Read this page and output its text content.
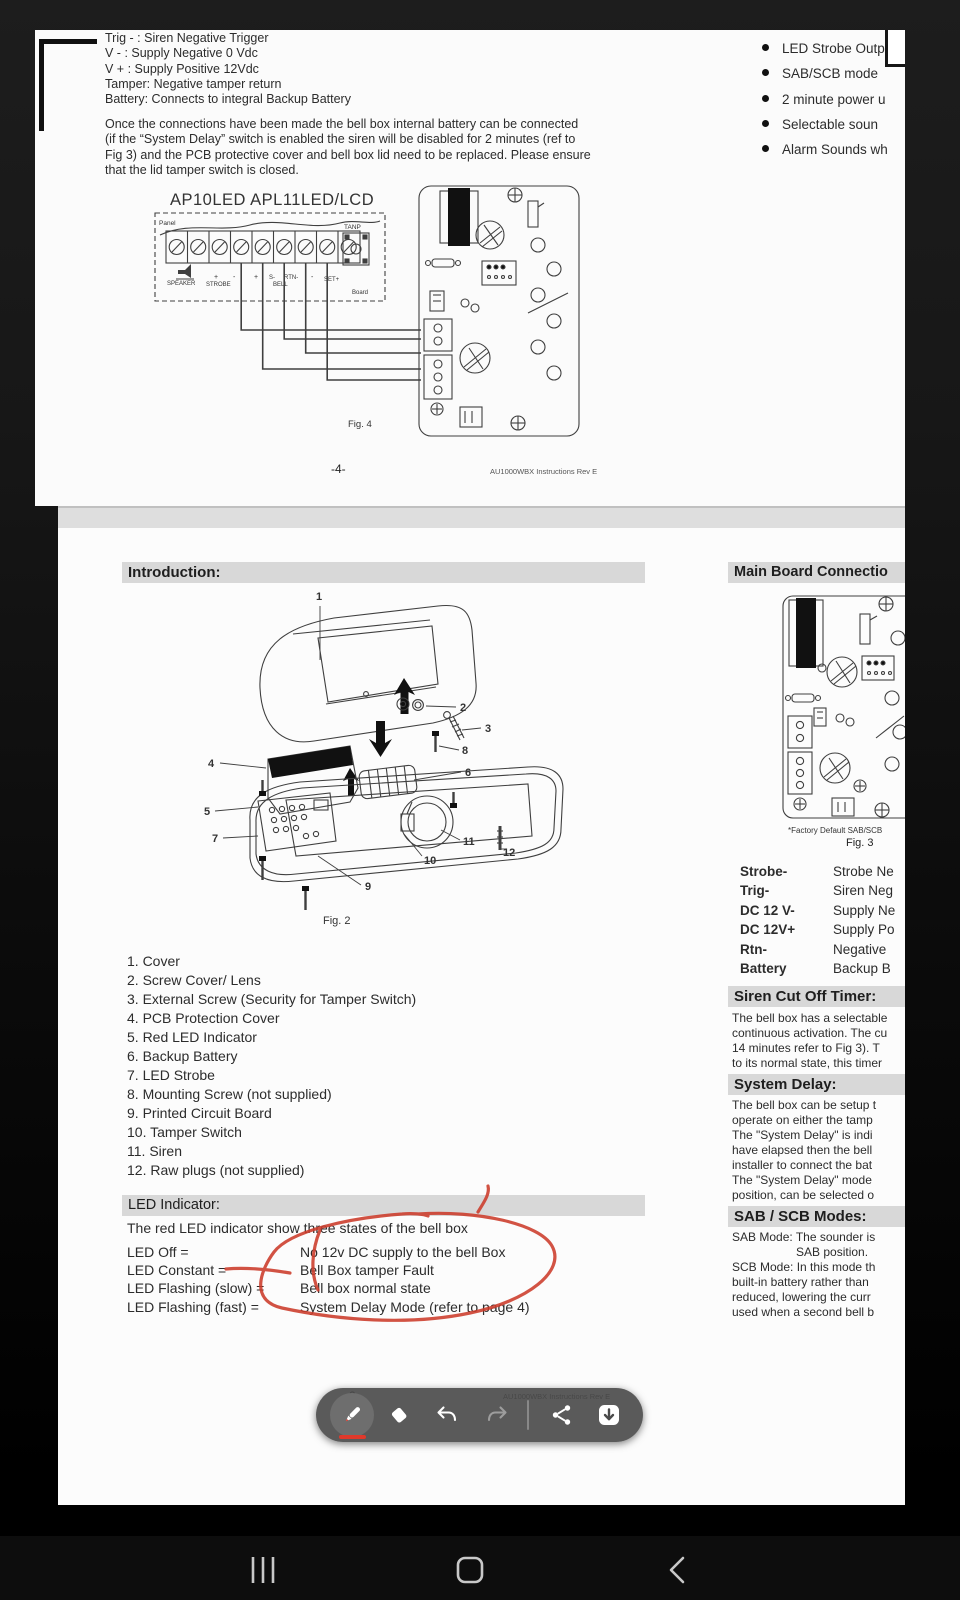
Trig - : Siren Negative Trigger
V - : Supply Negative 0 Vdc
V + : Supply Positive 12Vdc
Tamper: Negative tamper return
Battery: Connects to integral Backup Battery
Once the connections have been made the bell box internal battery can be connected
(if the “System Delay” switch is enabled the siren will be disabled for 2 minutes (ref to
Fig 3) and the PCB protective cover and bell box lid need to be replaced. Please ensure
that the lid tamper switch is closed.
LED Strobe Outp
SAB/SCB mode
2 minute power u
Selectable soun
Alarm Sounds wh
AP10LED APL11LED/LCD
Panel
TANP
SPEAKER
+ -
STROBE
+ S- RTN- -
BELL
SET+
Board
Fig. 4
-4-	AU1000WBX Instructions Rev E
Introduction:
1
2
3
4
5
6
7
8
9
10
11
12
Fig. 2
1. Cover
2. Screw Cover/ Lens
3. External Screw (Security for Tamper Switch)
4. PCB Protection Cover
5. Red LED Indicator
6. Backup Battery
7. LED Strobe
8. Mounting Screw (not supplied)
9. Printed Circuit Board
10. Tamper Switch
11. Siren
12. Raw plugs (not supplied)
LED Indicator:
The red LED indicator show three states of the bell box
LED Off =	No 12v DC supply to the bell Box
LED Constant =	Bell Box tamper Fault
LED Flashing (slow) =	Bell box normal state
LED Flashing (fast) =	System Delay Mode (refer to page 4)
Main Board Connectio
*Factory Default SAB/SCB
Fig. 3
Strobe-	Strobe Ne
Trig-	Siren Neg
DC 12 V-	Supply Ne
DC 12V+	Supply Po
Rtn-	Negative
Battery	Backup B
Siren Cut Off Timer:
The bell box has a selectable
continuous activation. The cu
14 minutes refer to Fig 3). T
to its normal state, this timer
System Delay:
The bell box can be setup t
operate on either the tamp
The "System Delay" is indi
have elapsed then the bell
installer to connect the bat
The "System Delay" mode
position, can be selected o
SAB / SCB Modes:
SAB Mode: The sounder is
SAB position.
SCB Mode: In this mode th
built-in battery rather than
reduced, lowering the curr
used when a second bell b
